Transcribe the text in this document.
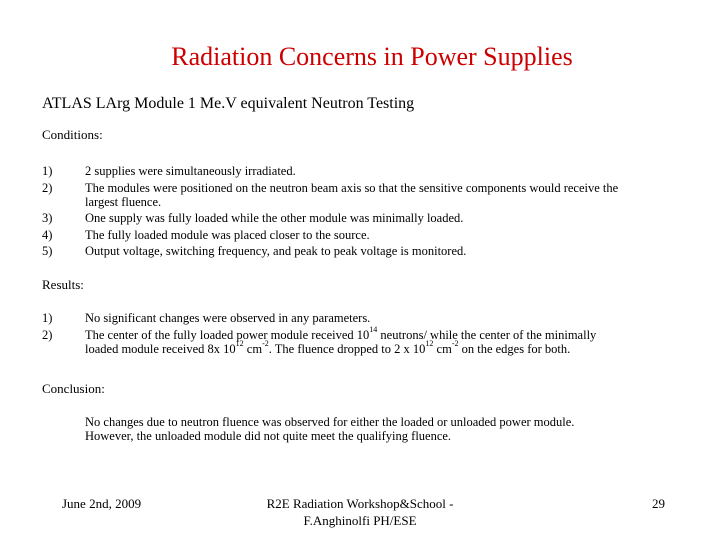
Radiation Concerns in Power Supplies
ATLAS LArg Module 1 Me.V equivalent Neutron Testing
Conditions:
1)	2 supplies were simultaneously irradiated.
2)	The modules were positioned on the neutron beam axis so that the sensitive components would receive the largest fluence.
3)	One supply was fully loaded while the other module was minimally loaded.
4)	The fully loaded module was placed closer to the source.
5)	Output voltage, switching frequency, and peak to peak voltage is monitored.
Results:
1)	No significant changes were observed in any parameters.
2)	The center of the fully loaded power module received $10^{14}$ neutrons/ while the center of the minimally loaded module received 8x $10^{12}$ $cm^{-2}$. The fluence dropped to 2 x $10^{12}$ $cm^{-2}$ on the edges for both.
Conclusion:
No changes due to neutron fluence was observed for either the loaded or unloaded power module.
However, the unloaded module did not quite meet the qualifying fluence.
June 2nd, 2009	R2E Radiation Workshop&School -
F.Anghinolfi PH/ESE
29
